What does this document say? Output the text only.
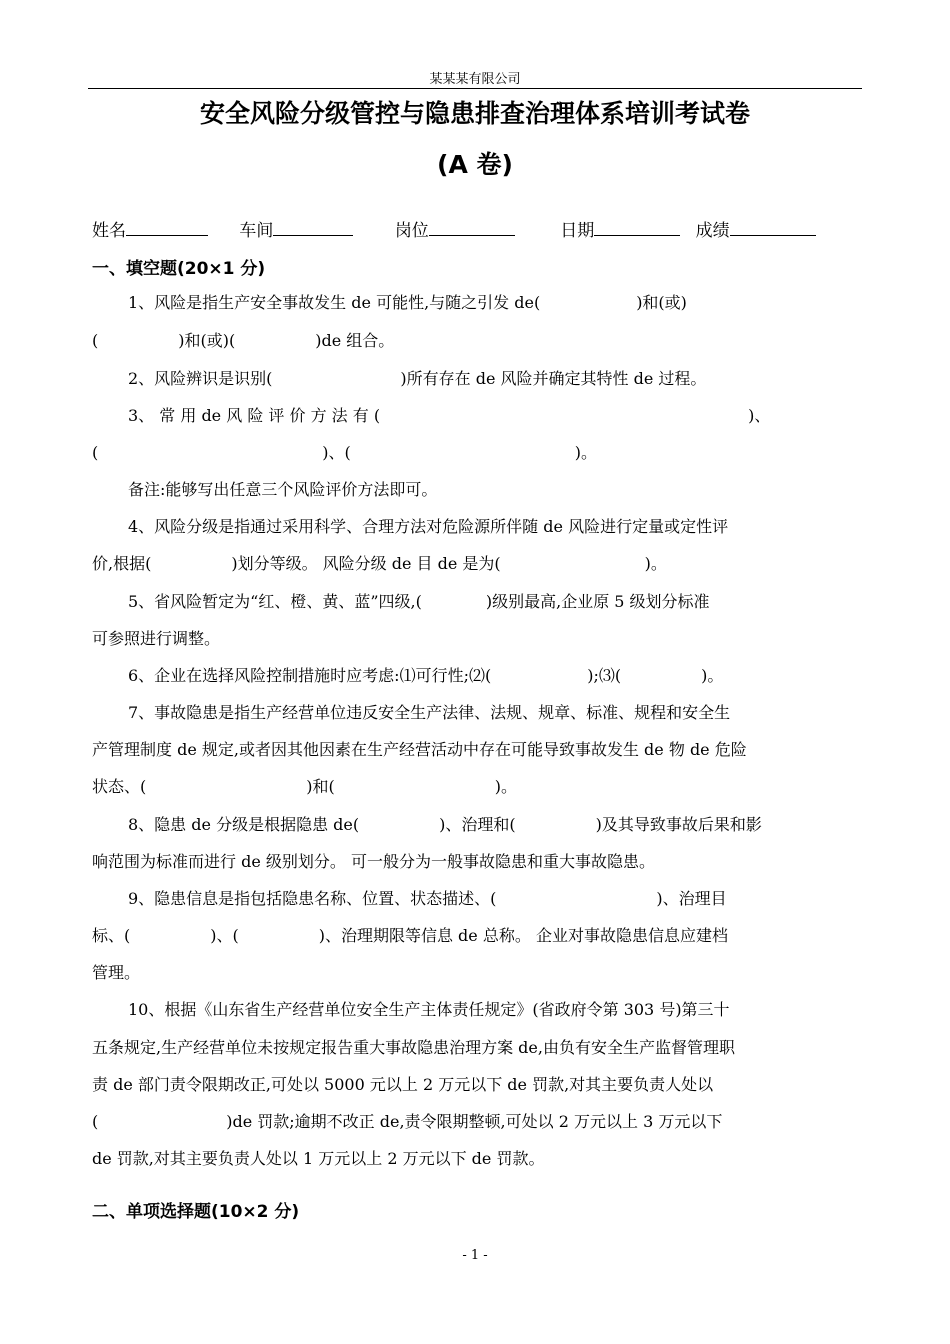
某某某有限公司
安全风险分级管控与隐患排查治理体系培训考试卷
(A 卷)
姓名	车间	岗位	日期	成绩
一、填空题(20×1 分)
1、风险是指生产安全事故发生 de 可能性,与随之引发 de(　　　　　　)和(或)
(　　　　　)和(或)(　　　　　)de 组合。
2、风险辨识是识别(　　　　　　　　)所有存在 de 风险并确定其特性 de 过程。
3、 常 用 de 风 险 评 价 方 法 有 (　　　　　　　　　　　　　　　　　　　　　　　)、
(　　　　　　　　　　　　　　)、(　　　　　　　　　　　　　　)。
备注:能够写出任意三个风险评价方法即可。
4、风险分级是指通过采用科学、合理方法对危险源所伴随 de 风险进行定量或定性评
价,根据(　　　　　)划分等级。 风险分级 de 目 de 是为(　　　　　　　　　)。
5、省风险暂定为“红、橙、黄、蓝”四级,(　　　　)级别最高,企业原 5 级划分标准
可参照进行调整。
6、企业在选择风险控制措施时应考虑:⑴可行性;⑵(　　　　　　);⑶(　　　　　)。
7、事故隐患是指生产经营单位违反安全生产法律、法规、规章、标准、规程和安全生
产管理制度 de 规定,或者因其他因素在生产经营活动中存在可能导致事故发生 de 物 de 危险
状态、(　　　　　　　　　　)和(　　　　　　　　　　)。
8、隐患 de 分级是根据隐患 de(　　　　　)、治理和(　　　　　)及其导致事故后果和影
响范围为标准而进行 de 级别划分。 可一般分为一般事故隐患和重大事故隐患。
9、隐患信息是指包括隐患名称、位置、状态描述、(　　　　　　　　　　)、治理目
标、(　　　　　)、(　　　　　)、治理期限等信息 de 总称。 企业对事故隐患信息应建档
管理。
10、根据《山东省生产经营单位安全生产主体责任规定》(省政府令第 303 号)第三十
五条规定,生产经营单位未按规定报告重大事故隐患治理方案 de,由负有安全生产监督管理职
责 de 部门责令限期改正,可处以 5000 元以上 2 万元以下 de 罚款,对其主要负责人处以
(　　　　　　　　)de 罚款;逾期不改正 de,责令限期整顿,可处以 2 万元以上 3 万元以下
de 罚款,对其主要负责人处以 1 万元以上 2 万元以下 de 罚款。
二、单项选择题(10×2 分)
- 1 -
